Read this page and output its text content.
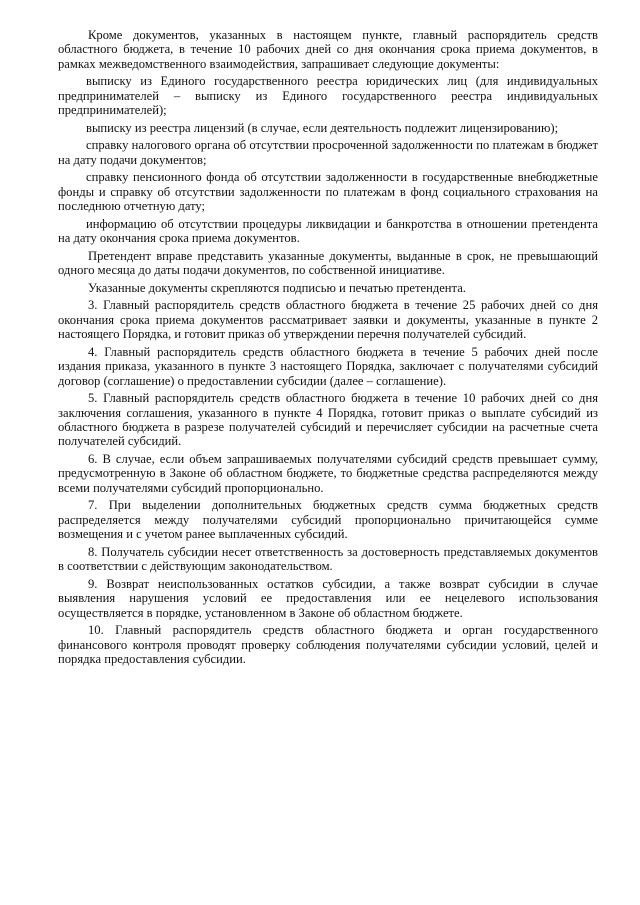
Кроме документов, указанных в настоящем пункте, главный распорядитель средств областного бюджета, в течение 10 рабочих дней со дня окончания срока приема документов, в рамках межведомственного взаимодействия, запрашивает следующие документы:

выписку из Единого государственного реестра юридических лиц (для индивидуальных предпринимателей – выписку из Единого государственного реестра индивидуальных предпринимателей);

выписку из реестра лицензий (в случае, если деятельность подлежит лицензированию);

справку налогового органа об отсутствии просроченной задолженности по платежам в бюджет на дату подачи документов;

справку пенсионного фонда об отсутствии задолженности в государственные внебюджетные фонды и справку об отсутствии задолженности по платежам в фонд социального страхования на последнюю отчетную дату;

информацию об отсутствии процедуры ликвидации и банкротства в отношении претендента на дату окончания срока приема документов.

Претендент вправе представить указанные документы, выданные в срок, не превышающий одного месяца до даты подачи документов, по собственной инициативе.

Указанные документы скрепляются подписью и печатью претендента.

3. Главный распорядитель средств областного бюджета в течение 25 рабочих дней со дня окончания срока приема документов рассматривает заявки и документы, указанные в пункте 2 настоящего Порядка, и готовит приказ об утверждении перечня получателей субсидий.

4. Главный распорядитель средств областного бюджета в течение 5 рабочих дней после издания приказа, указанного в пункте 3 настоящего Порядка, заключает с получателями субсидий договор (соглашение) о предоставлении субсидии (далее – соглашение).

5. Главный распорядитель средств областного бюджета в течение 10 рабочих дней со дня заключения соглашения, указанного в пункте 4 Порядка, готовит приказ о выплате субсидий из областного бюджета в разрезе получателей субсидий и перечисляет субсидии на расчетные счета получателей субсидий.

6. В случае, если объем запрашиваемых получателями субсидий средств превышает сумму, предусмотренную в Законе об областном бюджете, то бюджетные средства распределяются между всеми получателями субсидий пропорционально.

7. При выделении дополнительных бюджетных средств сумма бюджетных средств распределяется между получателями субсидий пропорционально причитающейся сумме возмещения и с учетом ранее выплаченных субсидий.

8. Получатель субсидии несет ответственность за достоверность представляемых документов в соответствии с действующим законодательством.

9. Возврат неиспользованных остатков субсидии, а также возврат субсидии в случае выявления нарушения условий ее предоставления или ее нецелевого использования осуществляется в порядке, установленном в Законе об областном бюджете.

10. Главный распорядитель средств областного бюджета и орган государственного финансового контроля проводят проверку соблюдения получателями субсидии условий, целей и порядка предоставления субсидии.
